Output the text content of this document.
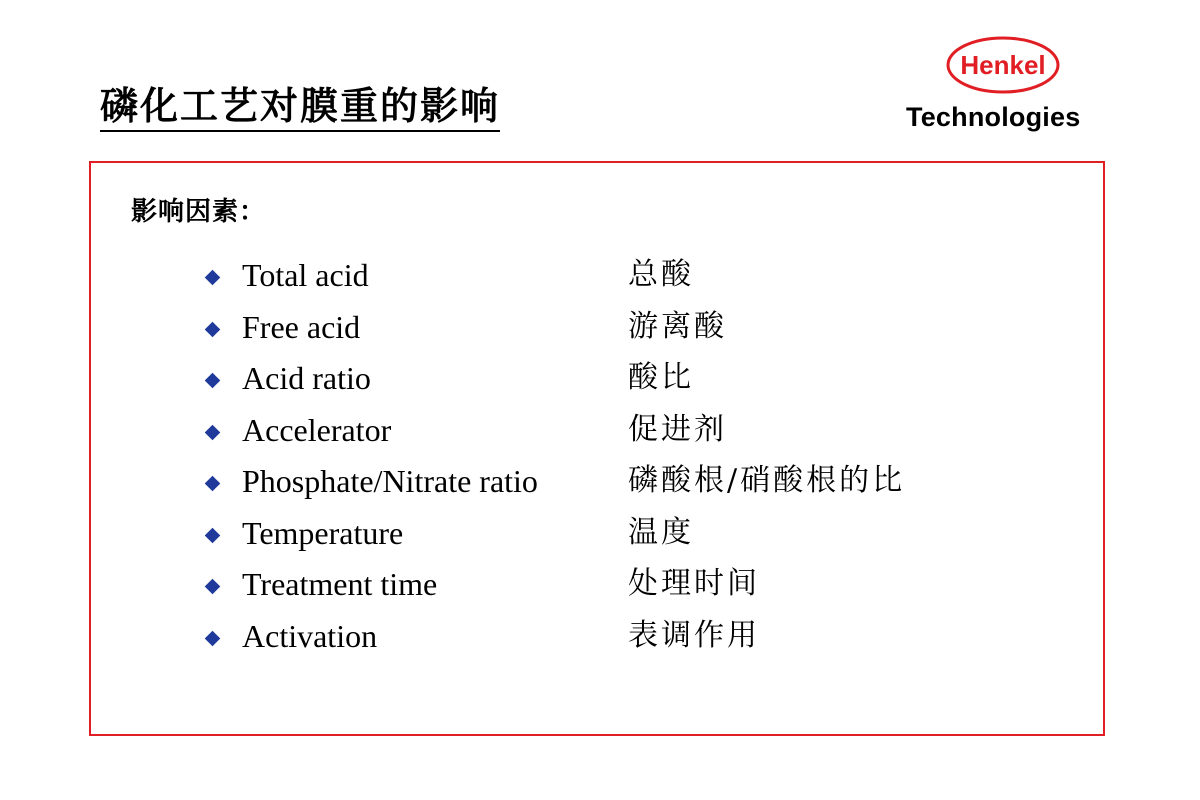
磷化工艺对膜重的影响
Henkel
Technologies
影响因素：
Total acid	总酸
Free acid	游离酸
Acid ratio	酸比
Accelerator	促进剂
Phosphate/Nitrate ratio	磷酸根/硝酸根的比
Temperature	温度
Treatment time	处理时间
Activation	表调作用
